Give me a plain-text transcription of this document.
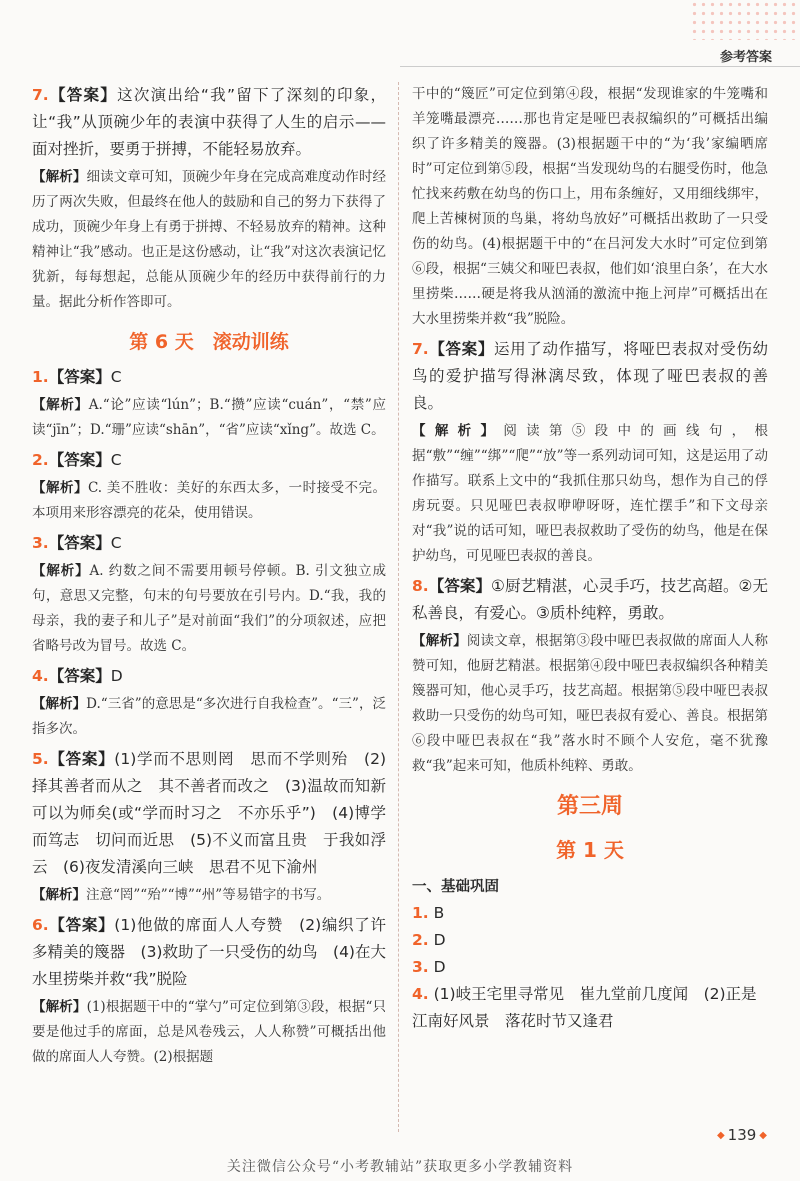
参考答案

7.【答案】这次演出给“我”留下了深刻的印象，让“我”从顶碗少年的表演中获得了人生的启示——面对挫折，要勇于拼搏，不能轻易放弃。

【解析】细读文章可知，顶碗少年身在完成高难度动作时经历了两次失败，但最终在他人的鼓励和自己的努力下获得了成功，顶碗少年身上有勇于拼搏、不轻易放弃的精神。这种精神让“我”感动。也正是这份感动，让“我”对这次表演记忆犹新，每每想起，总能从顶碗少年的经历中获得前行的力量。据此分析作答即可。

第 6 天　滚动训练

1.【答案】C

【解析】A.“论”应读“lún”；B.“攒”应读“cuán”，“禁”应读“jīn”；D.“珊”应读“shān”，“省”应读“xǐng”。故选 C。

2.【答案】C

【解析】C. 美不胜收：美好的东西太多，一时接受不完。本项用来形容漂亮的花朵，使用错误。

3.【答案】C

【解析】A. 约数之间不需要用顿号停顿。B. 引文独立成句，意思又完整，句末的句号要放在引号内。D.“我，我的母亲，我的妻子和儿子”是对前面“我们”的分项叙述，应把省略号改为冒号。故选 C。

4.【答案】D

【解析】D.“三省”的意思是“多次进行自我检查”。“三”，泛指多次。

5.【答案】(1)学而不思则罔　思而不学则殆　(2)择其善者而从之　其不善者而改之　(3)温故而知新　可以为师矣(或“学而时习之　不亦乐乎”)　(4)博学而笃志　切问而近思　(5)不义而富且贵　于我如浮云　(6)夜发清溪向三峡　思君不见下渝州

【解析】注意“罔”“殆”“博”“州”等易错字的书写。

6.【答案】(1)他做的席面人人夸赞　(2)编织了许多精美的篾器　(3)救助了一只受伤的幼鸟　(4)在大水里捞柴并救“我”脱险

【解析】(1)根据题干中的“掌勺”可定位到第③段，根据“只要是他过手的席面，总是风卷残云，人人称赞”可概括出他做的席面人人夸赞。(2)根据题

干中的“篾匠”可定位到第④段，根据“发现谁家的牛笼嘴和羊笼嘴最漂亮……那也肯定是哑巴表叔编织的”可概括出编织了许多精美的篾器。(3)根据题干中的“为‘我’家编晒席时”可定位到第⑤段，根据“当发现幼鸟的右腿受伤时，他急忙找来药敷在幼鸟的伤口上，用布条缠好，又用细线绑牢，爬上苦楝树顶的鸟巢，将幼鸟放好”可概括出救助了一只受伤的幼鸟。(4)根据题干中的“在吕河发大水时”可定位到第⑥段，根据“三姨父和哑巴表叔，他们如‘浪里白条’，在大水里捞柴……硬是将我从汹涌的激流中拖上河岸”可概括出在大水里捞柴并救“我”脱险。

7.【答案】运用了动作描写，将哑巴表叔对受伤幼鸟的爱护描写得淋漓尽致，体现了哑巴表叔的善良。

【解析】阅读第⑤段中的画线句，根据“敷”“缠”“绑”“爬”“放”等一系列动词可知，这是运用了动作描写。联系上文中的“我抓住那只幼鸟，想作为自己的俘虏玩耍。只见哑巴表叔咿咿呀呀，连忙摆手”和下文母亲对“我”说的话可知，哑巴表叔救助了受伤的幼鸟，他是在保护幼鸟，可见哑巴表叔的善良。

8.【答案】①厨艺精湛，心灵手巧，技艺高超。②无私善良，有爱心。③质朴纯粹，勇敢。

【解析】阅读文章，根据第③段中哑巴表叔做的席面人人称赞可知，他厨艺精湛。根据第④段中哑巴表叔编织各种精美篾器可知，他心灵手巧，技艺高超。根据第⑤段中哑巴表叔救助一只受伤的幼鸟可知，哑巴表叔有爱心、善良。根据第⑥段中哑巴表叔在“我”落水时不顾个人安危，毫不犹豫救“我”起来可知，他质朴纯粹、勇敢。

第三周
第 1 天
一、基础巩固
1. B
2. D
3. D
4. (1)岐王宅里寻常见　崔九堂前几度闻　(2)正是江南好风景　落花时节又逢君
◆ 139 ◆
关注微信公众号“小考教辅站”获取更多小学教辅资料
